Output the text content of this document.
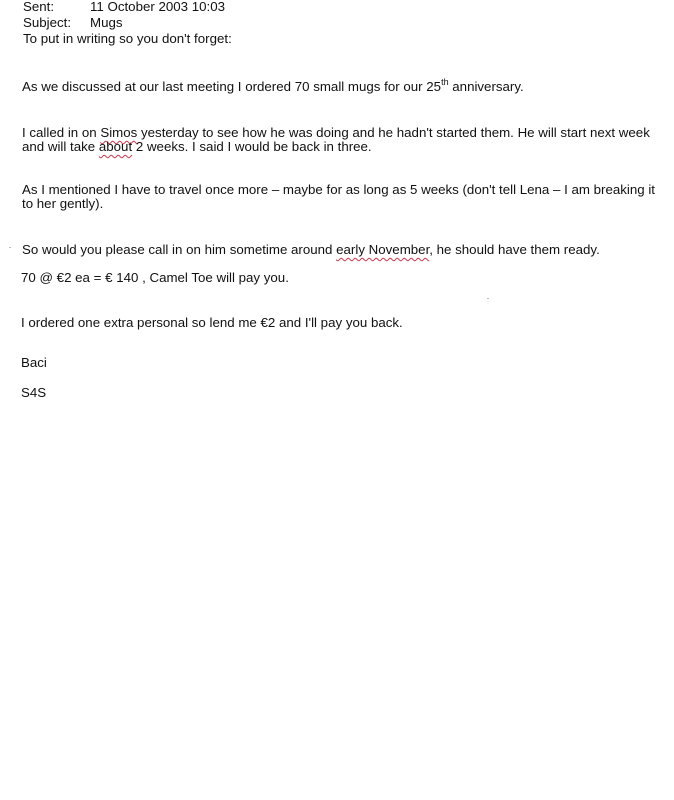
Sent:	11 October 2003 10:03
Subject: Mugs
To put in writing so you don't forget:
As we discussed at our last meeting I ordered 70 small mugs for our 25th anniversary.
I called in on Simos yesterday to see how he was doing and he hadn't started them. He will start next week
and will take about 2 weeks. I said I would be back in three.
As I mentioned I have to travel once more – maybe for as long as 5 weeks (don't tell Lena – I am breaking it
to her gently).
So would you please call in on him sometime around early November, he should have them ready.
70 @ €2 ea = € 140 , Camel Toe will pay you.
I ordered one extra personal so lend me €2 and I'll pay you back.
Baci
S4S
